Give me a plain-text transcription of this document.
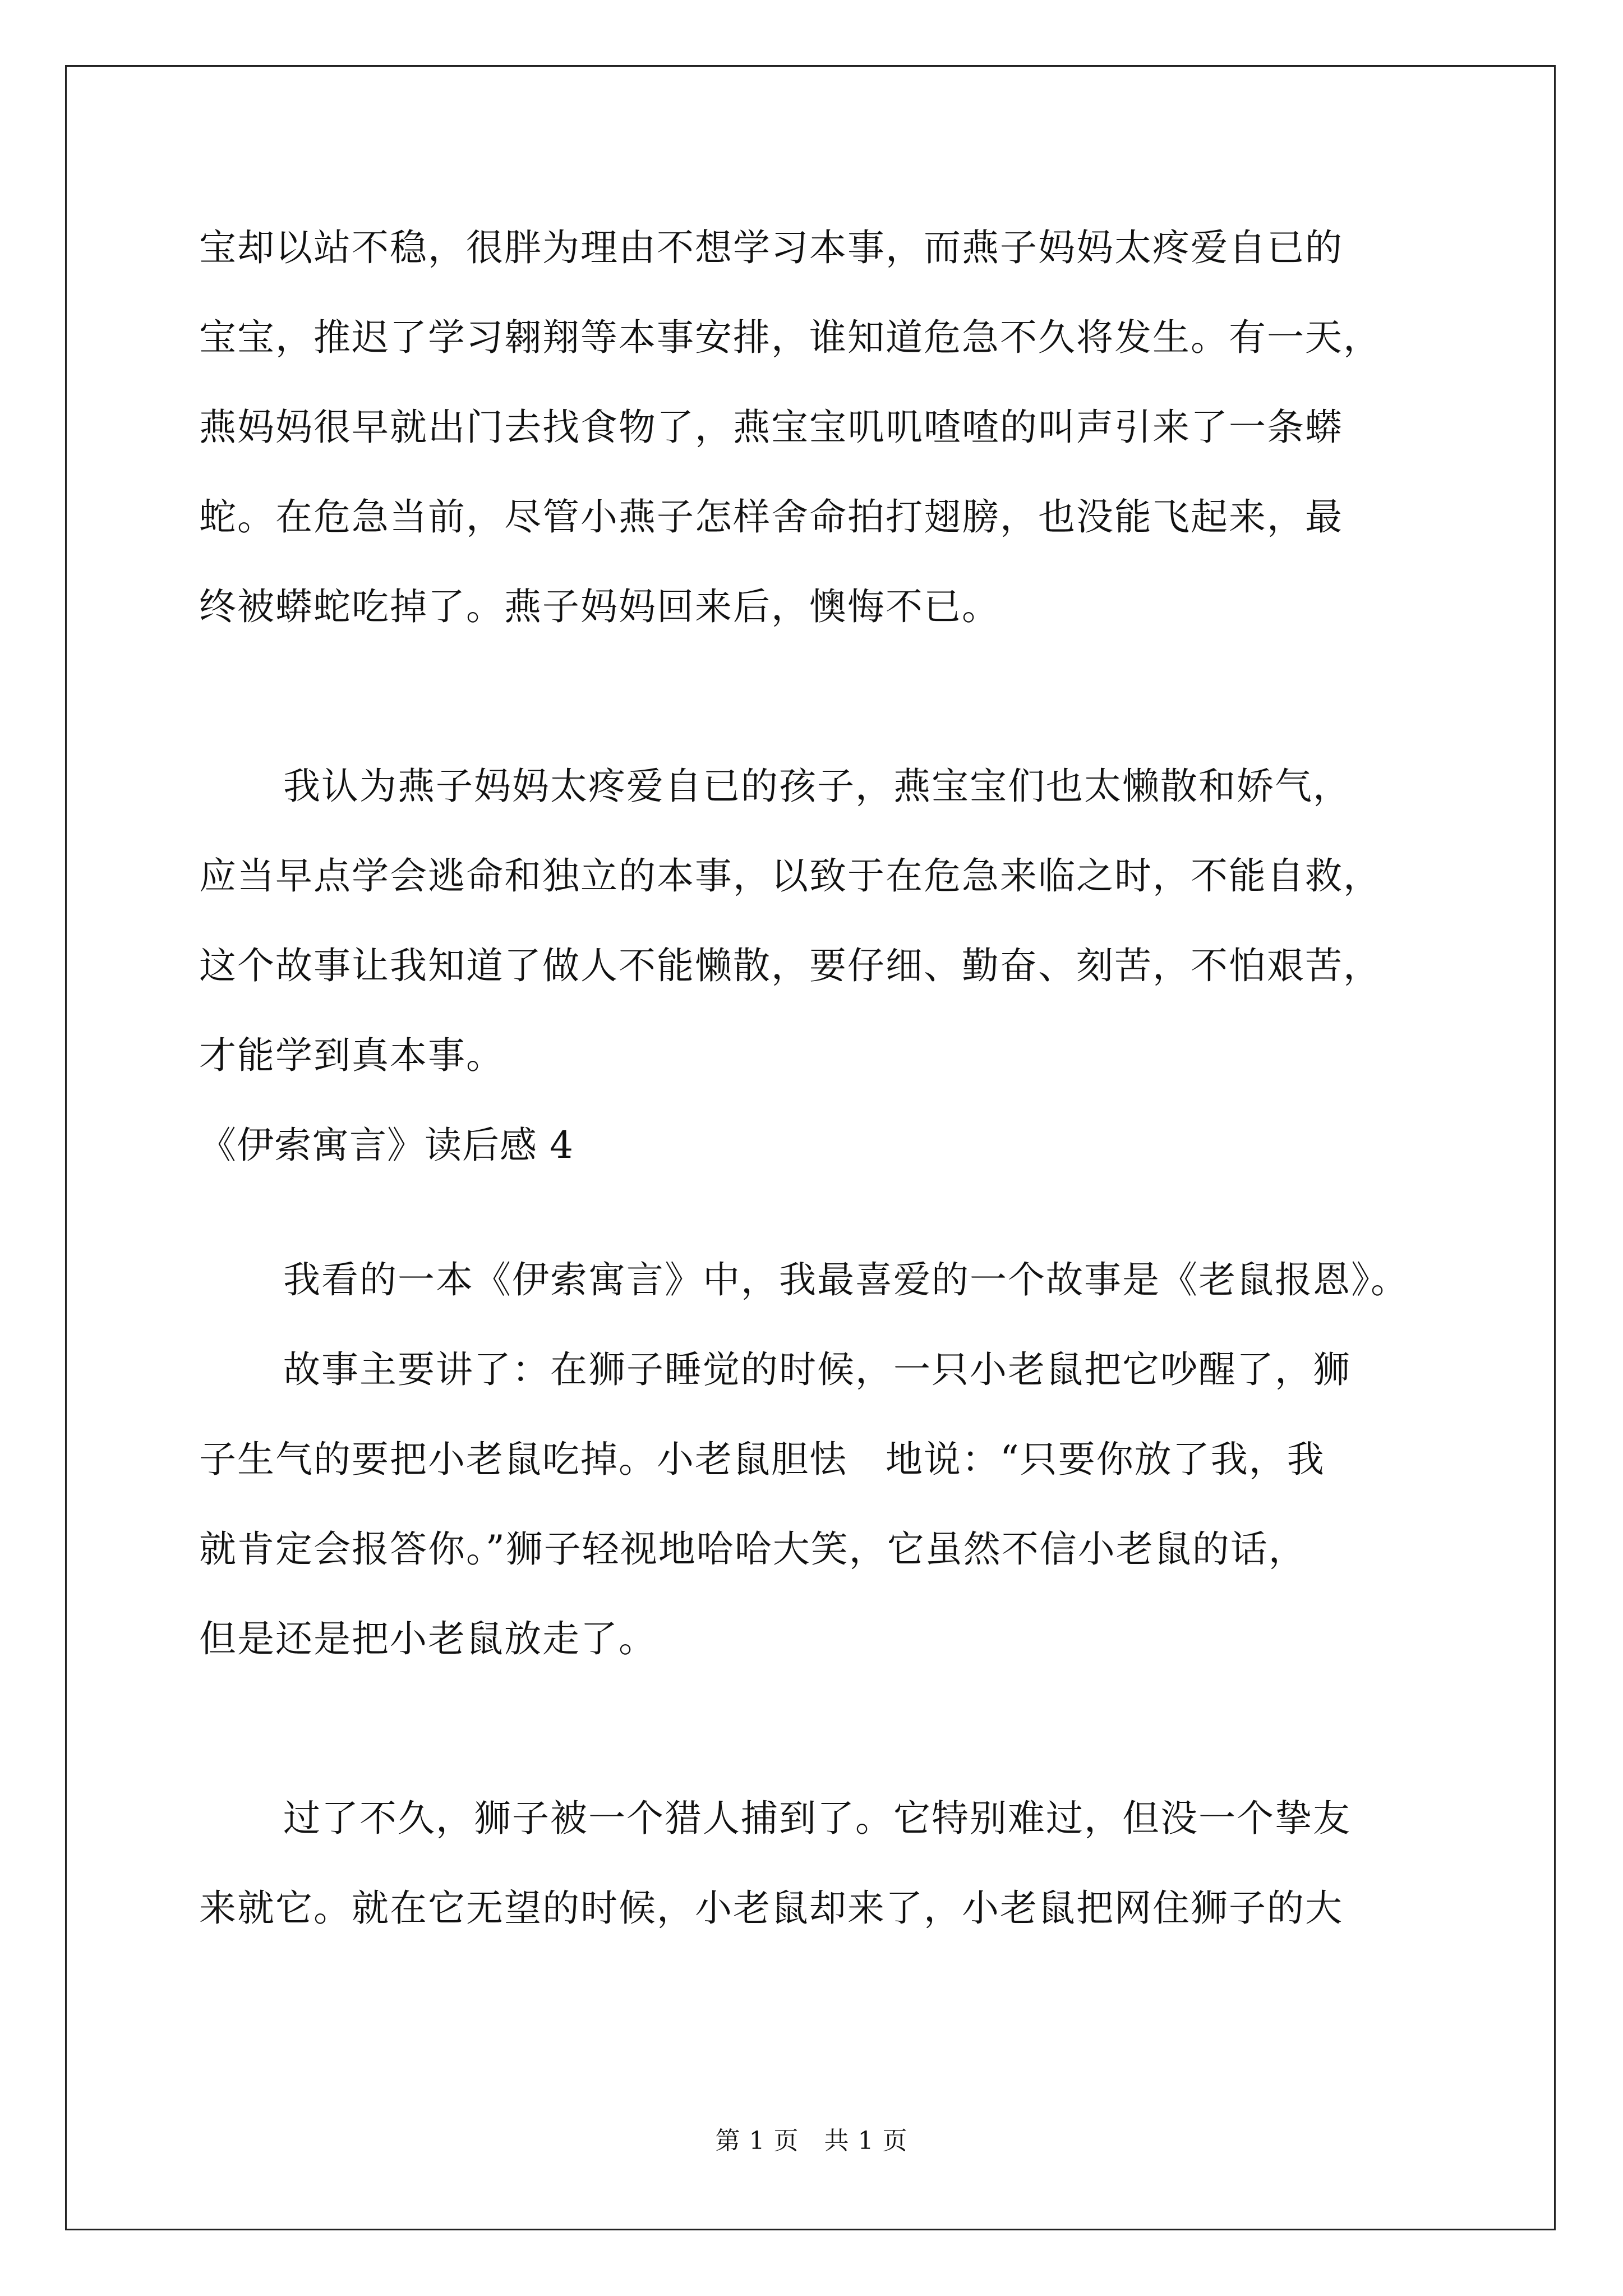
宝却以站不稳，很胖为理由不想学习本事，而燕子妈妈太疼爱自已的
宝宝，推迟了学习翱翔等本事安排，谁知道危急不久将发生。有一天，
燕妈妈很早就出门去找食物了，燕宝宝叽叽喳喳的叫声引来了一条蟒
蛇。在危急当前，尽管小燕子怎样舍命拍打翅膀，也没能飞起来，最
终被蟒蛇吃掉了。燕子妈妈回来后，懊悔不已。
我认为燕子妈妈太疼爱自已的孩子，燕宝宝们也太懒散和娇气，
应当早点学会逃命和独立的本事，以致于在危急来临之时，不能自救，
这个故事让我知道了做人不能懒散，要仔细、勤奋、刻苦，不怕艰苦，
才能学到真本事。
《伊索寓言》读后感 4
我看的一本《伊索寓言》中，我最喜爱的一个故事是《老鼠报恩》。
故事主要讲了：在狮子睡觉的时候，一只小老鼠把它吵醒了，狮
子生气的要把小老鼠吃掉。小老鼠胆怯　地说：“只要你放了我，我
就肯定会报答你。”狮子轻视地哈哈大笑，它虽然不信小老鼠的话，
但是还是把小老鼠放走了。
过了不久，狮子被一个猎人捕到了。它特别难过，但没一个挚友
来就它。就在它无望的时候，小老鼠却来了，小老鼠把网住狮子的大
第 1 页　共 1 页
